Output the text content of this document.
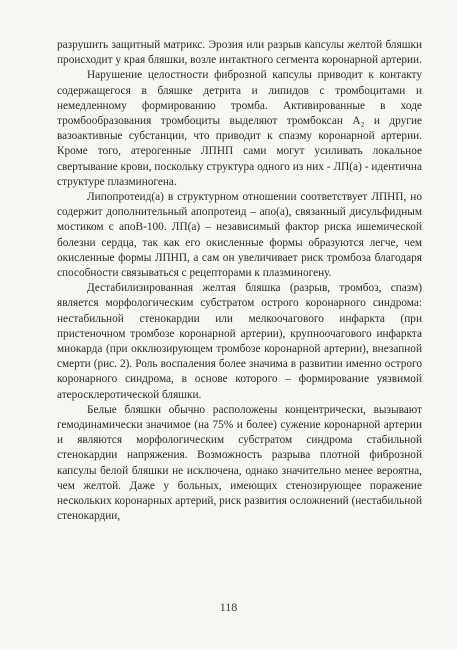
разрушить защитный матрикс. Эрозия или разрыв капсулы желтой бляшки происходит у края бляшки, возле интактного сегмента коронарной артерии.

Нарушение целостности фиброзной капсулы приводит к контакту содержащегося в бляшке детрита и липидов с тромбоцитами и немедленному формированию тромба. Активированные в ходе тромбообразования тромбоциты выделяют тромбоксан A₂ и другие вазоактивные субстанции, что приводит к спазму коронарной артерии. Кроме того, атерогенные ЛПНП сами могут усиливать локальное свертывание крови, поскольку структура одного из них - ЛП(а) - идентична структуре плазминогена.

Липопротеид(а) в структурном отношении соответствует ЛПНП, но содержит дополнительный апопротеид – апо(а), связанный дисульфидным мостиком с апоВ-100. ЛП(а) – независимый фактор риска ишемической болезни сердца, так как его окисленные формы образуются легче, чем окисленные формы ЛПНП, а сам он увеличивает риск тромбоза благодаря способности связываться с рецепторами к плазминогену.

Дестабилизированная желтая бляшка (разрыв, тромбоз, спазм) является морфологическим субстратом острого коронарного синдрома: нестабильной стенокардии или мелкоочагового инфаркта (при пристеночном тромбозе коронарной артерии), крупноочагового инфаркта миокарда (при окклюзирующем тромбозе коронарной артерии), внезапной смерти (рис. 2). Роль воспаления более значима в развитии именно острого коронарного синдрома, в основе которого – формирование уязвимой атеросклеротической бляшки.

Белые бляшки обычно расположены концентрически, вызывают гемодинамически значимое (на 75% и более) сужение коронарной артерии и являются морфологическим субстратом синдрома стабильной стенокардии напряжения. Возможность разрыва плотной фиброзной капсулы белой бляшки не исключена, однако значительно менее вероятна, чем желтой. Даже у больных, имеющих стенозирующее поражение нескольких коронарных артерий, риск развития осложнений (нестабильной стенокардии,

118
